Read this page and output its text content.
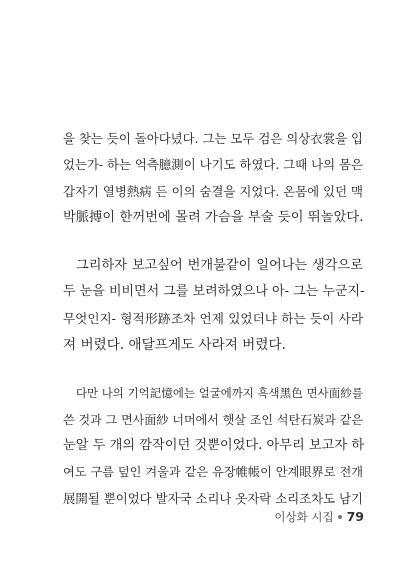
을 찾는 듯이 돌아다녔다. 그는 모두 검은 의상衣裳을 입
었는가- 하는 억측臆測이 나기도 하였다. 그때 나의 몸은
갑자기 열병熱病 든 이의 숨결을 지었다. 온몸에 있던 맥
박脈搏이 한꺼번에 몰려 가슴을 부술 듯이 뛰놀았다.
그리하자 보고싶어 번개불같이 일어나는 생각으로
두 눈을 비비면서 그를 보려하였으나 아- 그는 누군지-
무엇인지- 형적形跡조차 언제 있었더냐 하는 듯이 사라
져 버렸다. 애달프게도 사라져 버렸다.
다만 나의 기억記憶에는 얼굴에까지 흑색黑色 면사面紗를
쓴 것과 그 면사面紗 너머에서 햇살 조인 석탄石炭과 같은
눈알 두 개의 깜작이던 것뿐이었다. 아무리 보고자 하
여도 구름 덮인 겨울과 같은 유장帷帳이 안계眼界로 전개
展開될 뿐이었다 발자국 소리나 옷자락 소리조차도 남기
이상화 시집 79
